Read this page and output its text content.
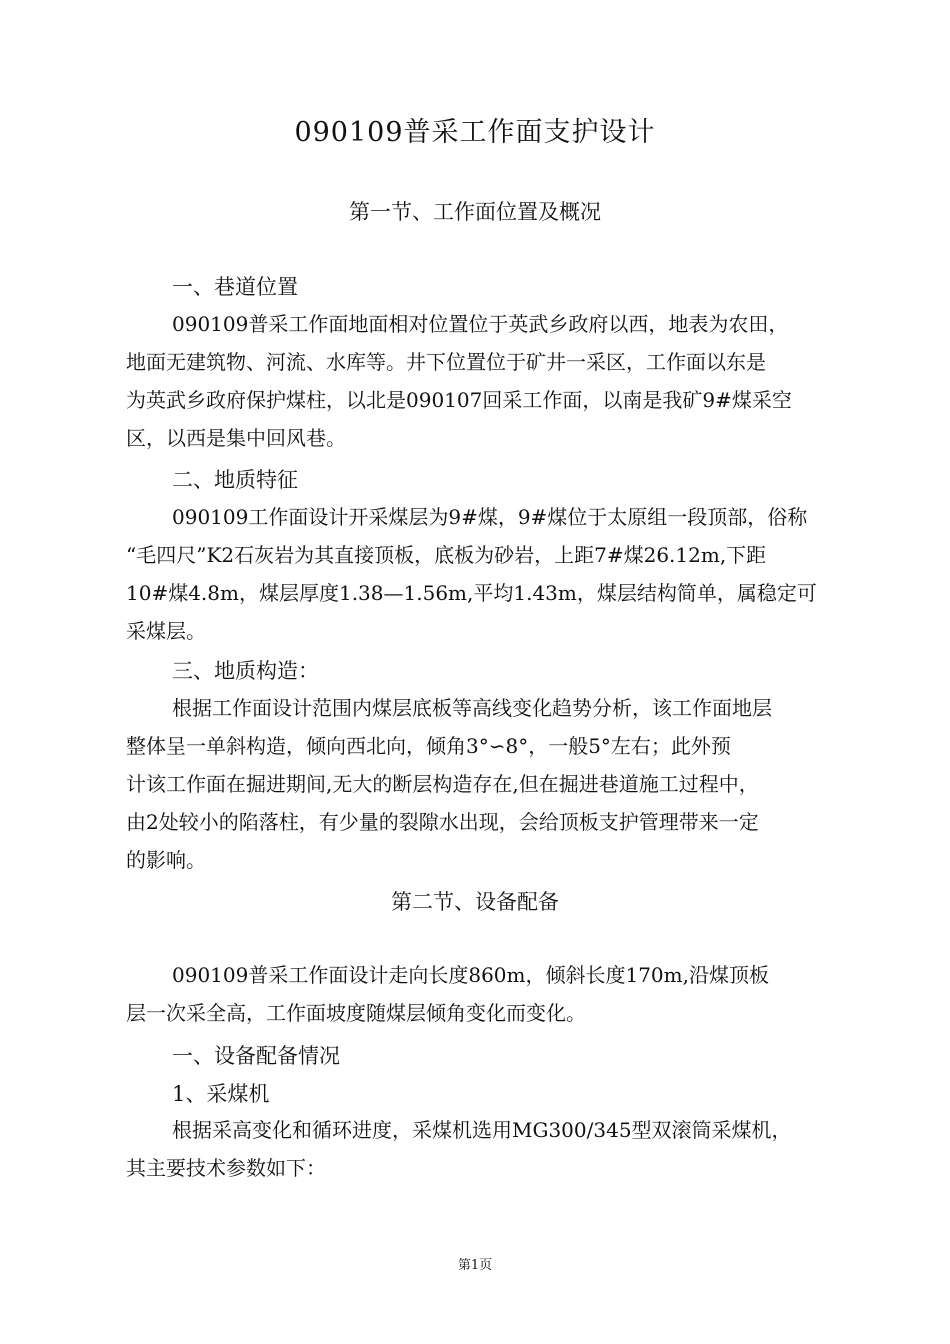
090109普采工作面支护设计
第一节、工作面位置及概况
一、巷道位置
090109普采工作面地面相对位置位于英武乡政府以西，地表为农田，
地面无建筑物、河流、水库等。井下位置位于矿井一采区，工作面以东是
为英武乡政府保护煤柱，以北是090107回采工作面，以南是我矿9#煤采空
区，以西是集中回风巷。
二、地质特征
090109工作面设计开采煤层为9#煤，9#煤位于太原组一段顶部，俗称
“毛四尺”K2石灰岩为其直接顶板，底板为砂岩，上距7#煤26.12m,下距
10#煤4.8m，煤层厚度1.38—1.56m,平均1.43m，煤层结构简单，属稳定可
采煤层。
三、地质构造：
根据工作面设计范围内煤层底板等高线变化趋势分析，该工作面地层
整体呈一单斜构造，倾向西北向，倾角3°∽8°，一般5°左右；此外预
计该工作面在掘进期间,无大的断层构造存在,但在掘进巷道施工过程中，
由2处较小的陷落柱，有少量的裂隙水出现，会给顶板支护管理带来一定
的影响。
第二节、设备配备
090109普采工作面设计走向长度860m，倾斜长度170m,沿煤顶板
层一次采全高，工作面坡度随煤层倾角变化而变化。
一、设备配备情况
1、采煤机
根据采高变化和循环进度，采煤机选用MG300/345型双滚筒采煤机，
其主要技术参数如下：
第1页
